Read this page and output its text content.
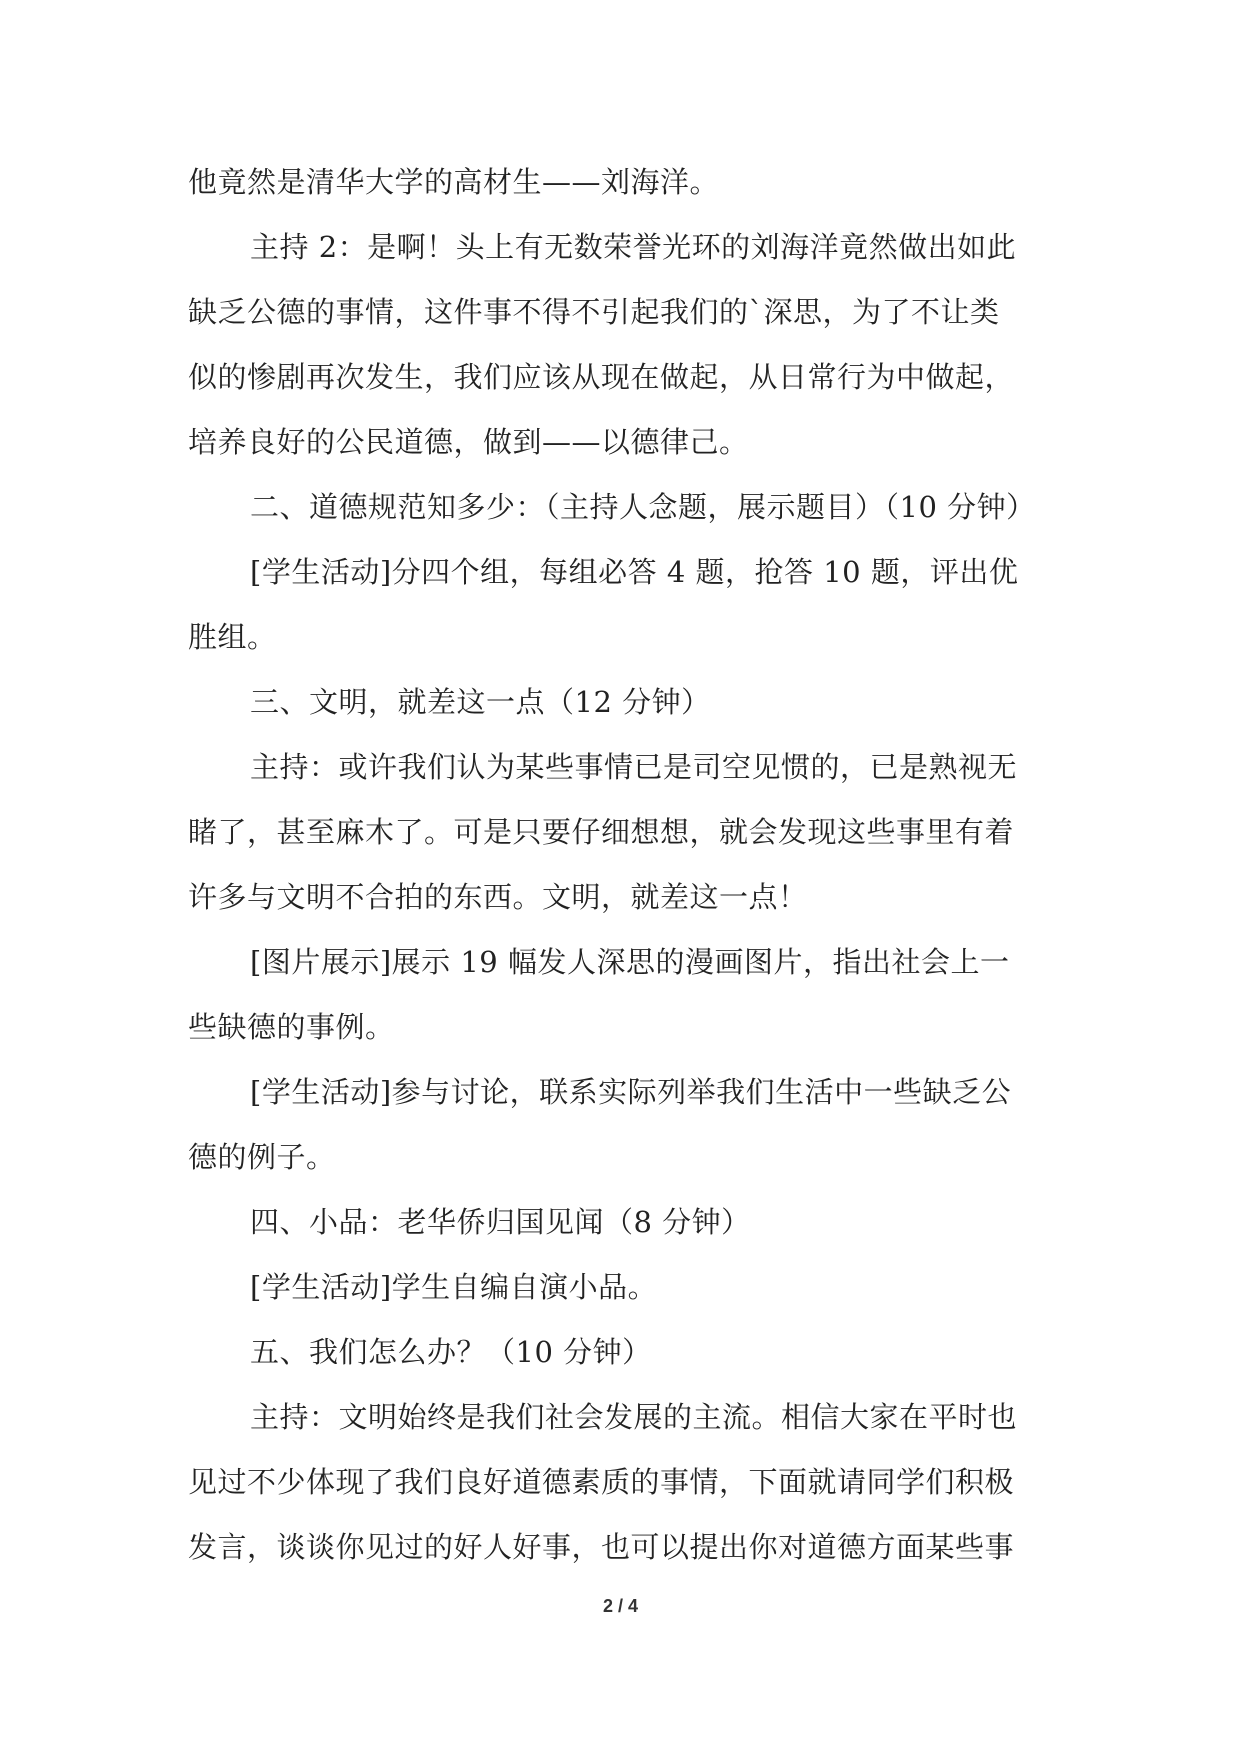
他竟然是清华大学的高材生——刘海洋。
主持 2：是啊！头上有无数荣誉光环的刘海洋竟然做出如此
缺乏公德的事情，这件事不得不引起我们的`深思，为了不让类
似的惨剧再次发生，我们应该从现在做起，从日常行为中做起，
培养良好的公民道德，做到——以德律己。
二、道德规范知多少：（主持人念题，展示题目）（10 分钟）
[学生活动]分四个组，每组必答 4 题，抢答 10 题，评出优
胜组。
三、文明，就差这一点（12 分钟）
主持：或许我们认为某些事情已是司空见惯的，已是熟视无
睹了，甚至麻木了。可是只要仔细想想，就会发现这些事里有着
许多与文明不合拍的东西。文明，就差这一点！
[图片展示]展示 19 幅发人深思的漫画图片，指出社会上一
些缺德的事例。
[学生活动]参与讨论，联系实际列举我们生活中一些缺乏公
德的例子。
四、小品：老华侨归国见闻（8 分钟）
[学生活动]学生自编自演小品。
五、我们怎么办？（10 分钟）
主持：文明始终是我们社会发展的主流。相信大家在平时也
见过不少体现了我们良好道德素质的事情，下面就请同学们积极
发言，谈谈你见过的好人好事，也可以提出你对道德方面某些事
2 / 4
